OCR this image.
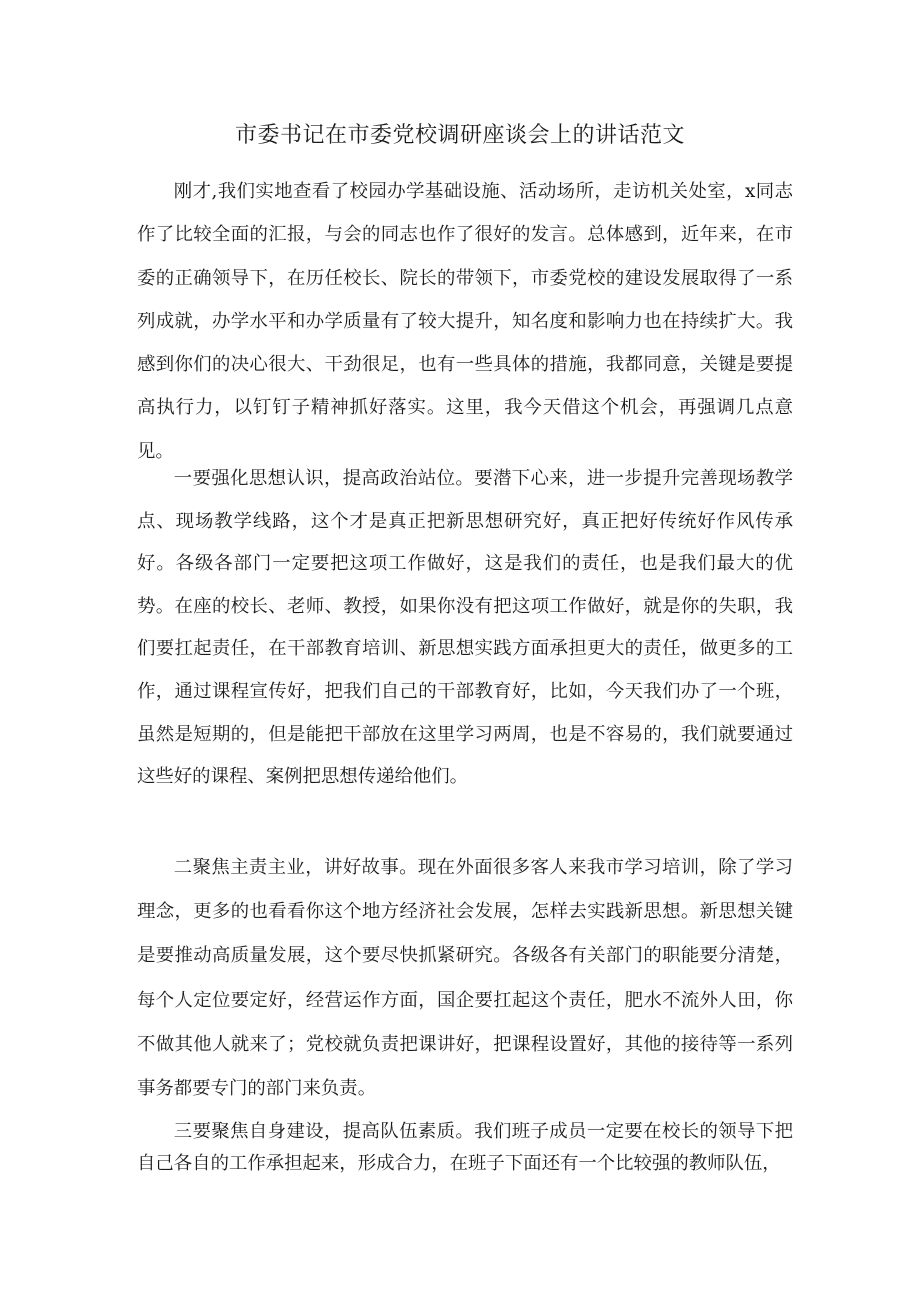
市委书记在市委党校调研座谈会上的讲话范文

刚才,我们实地查看了校园办学基础设施、活动场所，走访机关处室，x同志作了比较全面的汇报，与会的同志也作了很好的发言。总体感到，近年来，在市委的正确领导下，在历任校长、院长的带领下，市委党校的建设发展取得了一系列成就，办学水平和办学质量有了较大提升，知名度和影响力也在持续扩大。我感到你们的决心很大、干劲很足，也有一些具体的措施，我都同意，关键是要提高执行力，以钉钉子精神抓好落实。这里，我今天借这个机会，再强调几点意见。

一要强化思想认识，提高政治站位。要潜下心来，进一步提升完善现场教学点、现场教学线路，这个才是真正把新思想研究好，真正把好传统好作风传承好。各级各部门一定要把这项工作做好，这是我们的责任，也是我们最大的优势。在座的校长、老师、教授，如果你没有把这项工作做好，就是你的失职，我们要扛起责任，在干部教育培训、新思想实践方面承担更大的责任，做更多的工作，通过课程宣传好，把我们自己的干部教育好，比如，今天我们办了一个班，虽然是短期的，但是能把干部放在这里学习两周，也是不容易的，我们就要通过这些好的课程、案例把思想传递给他们。

二聚焦主责主业，讲好故事。现在外面很多客人来我市学习培训，除了学习理念，更多的也看看你这个地方经济社会发展，怎样去实践新思想。新思想关键是要推动高质量发展，这个要尽快抓紧研究。各级各有关部门的职能要分清楚，每个人定位要定好，经营运作方面，国企要扛起这个责任，肥水不流外人田，你不做其他人就来了；党校就负责把课讲好，把课程设置好，其他的接待等一系列事务都要专门的部门来负责。

三要聚焦自身建设，提高队伍素质。我们班子成员一定要在校长的领导下把自己各自的工作承担起来，形成合力，在班子下面还有一个比较强的教师队伍，
